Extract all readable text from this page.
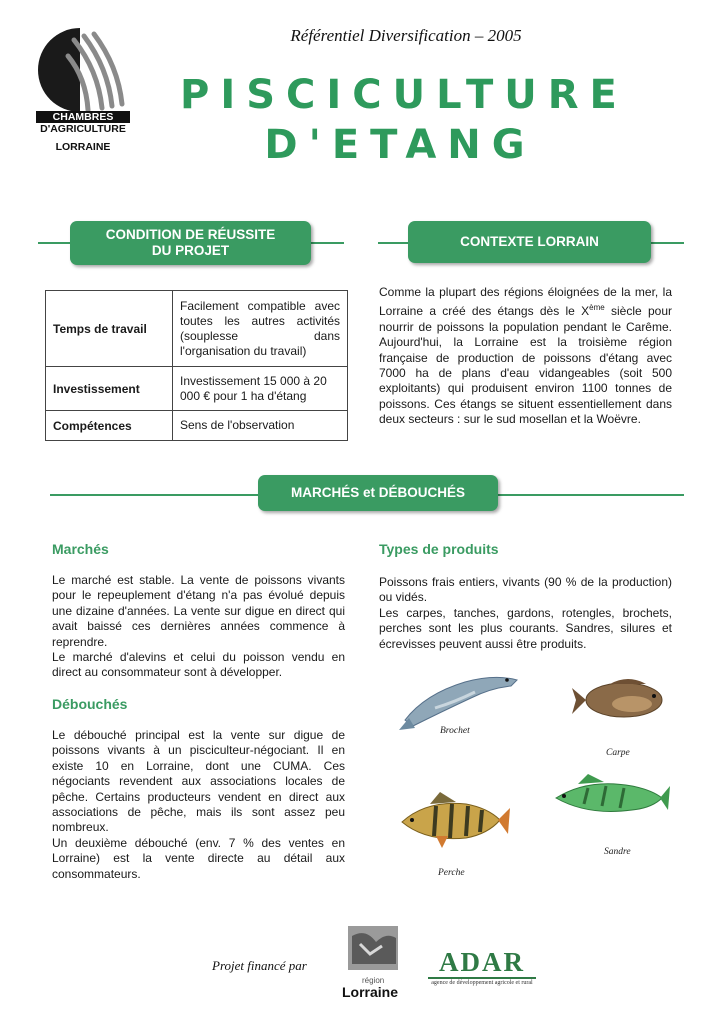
CHAMBRES
D'AGRICULTURE
LORRAINE
Référentiel Diversification – 2005
PISCICULTURE
D'ETANG
CONDITION DE RÉUSSITE
DU PROJET
CONTEXTE LORRAIN
Temps de travail	Facilement compatible avec toutes les autres activités (souplesse dans l'organisation du travail)
Investissement	Investissement 15 000 à 20 000 € pour 1 ha d'étang
Compétences	Sens de l'observation

Comme la plupart des régions éloignées de la mer, la Lorraine a créé des étangs dès le Xème siècle pour nourrir de poissons la population pendant le Carême. Aujourd'hui, la Lorraine est la troisième région française de production de poissons d'étang avec 7000 ha de plans d'eau vidangeables (soit 500 exploitants) qui produisent environ 1100 tonnes de poissons. Ces étangs se situent essentiellement dans deux secteurs : sur le sud mosellan et la Woëvre.

MARCHÉS et DÉBOUCHÉS
Marchés

Le marché est stable. La vente de poissons vivants pour le repeuplement d'étang n'a pas évolué depuis une dizaine d'années. La vente sur digue en direct qui avait baissé ces dernières années commence à reprendre.

Le marché d'alevins et celui du poisson vendu en direct au consommateur sont à développer.

Débouchés

Le débouché principal est la vente sur digue de poissons vivants à un pisciculteur-négociant. Il en existe 10 en Lorraine, dont une CUMA. Ces négociants revendent aux associations locales de pêche. Certains producteurs vendent en direct aux associations de pêche, mais ils sont assez peu nombreux.

Un deuxième débouché (env. 7 % des ventes en Lorraine) est la vente directe au détail aux consommateurs.

Types de produits

Poissons frais entiers, vivants (90 % de la production) ou vidés.

Les carpes, tanches, gardons, rotengles, brochets, perches sont les plus courants. Sandres, silures et écrevisses peuvent aussi être produits.

Brochet
Carpe
Sandre
Perche
Projet financé par
région
Lorraine
ADAR
agence de développement agricole et rural
